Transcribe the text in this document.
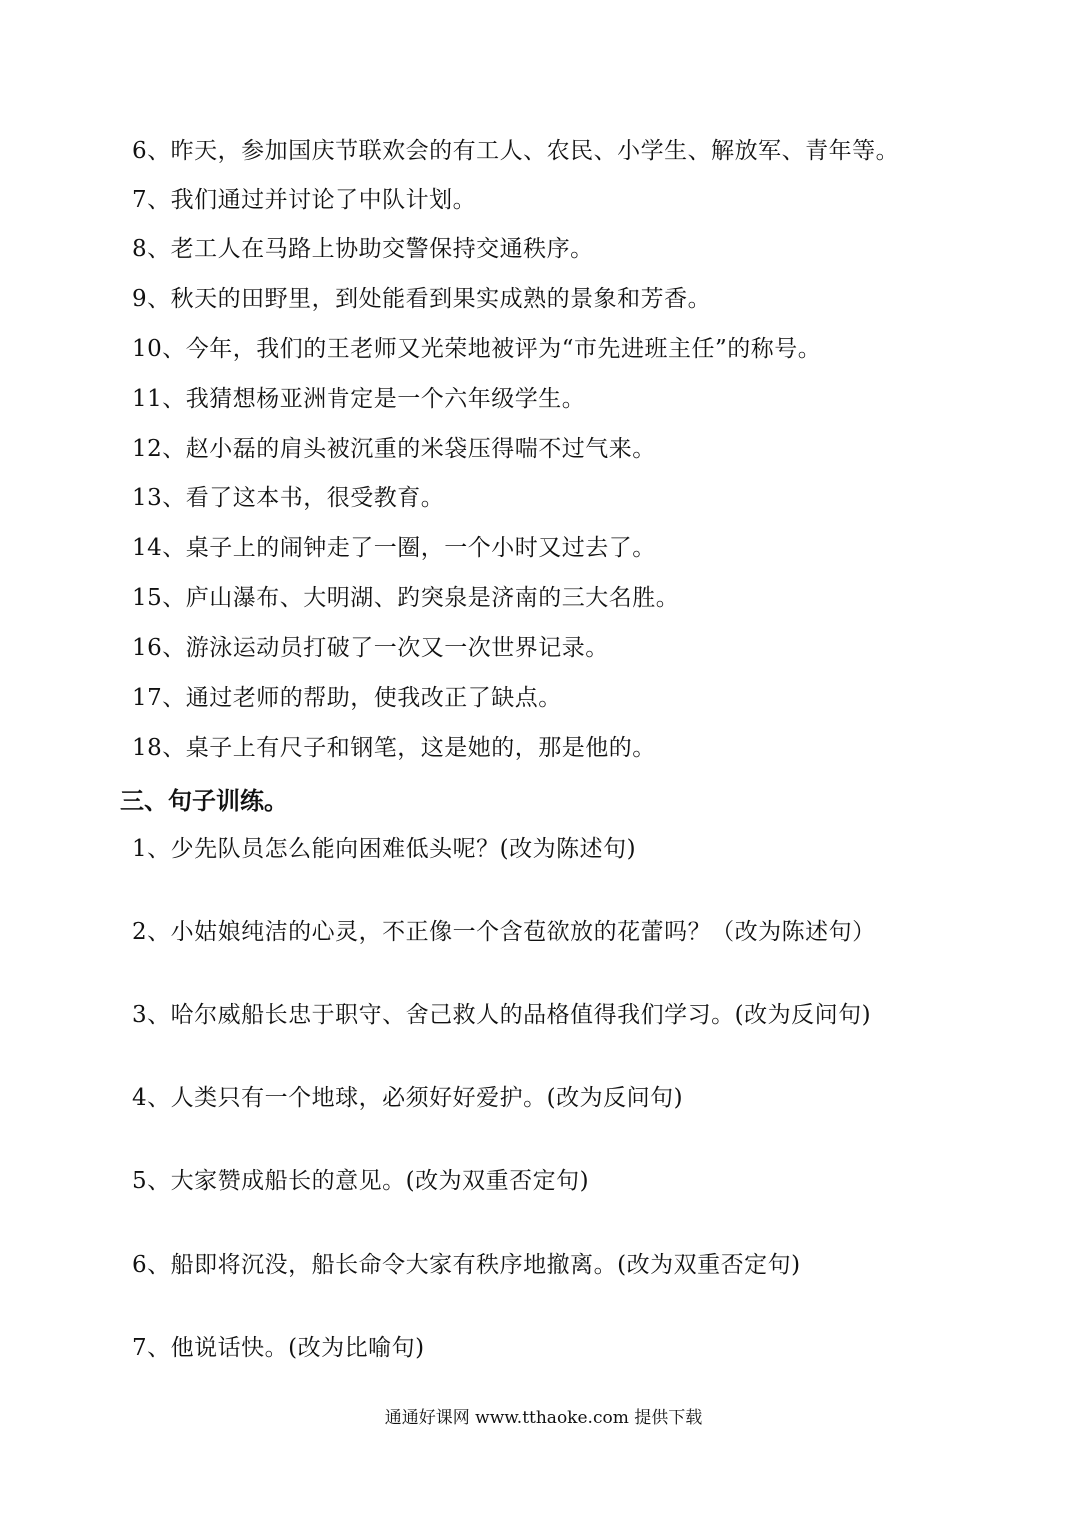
6、昨天，参加国庆节联欢会的有工人、农民、小学生、解放军、青年等。
7、我们通过并讨论了中队计划。
8、老工人在马路上协助交警保持交通秩序。
9、秋天的田野里，到处能看到果实成熟的景象和芳香。
10、今年，我们的王老师又光荣地被评为“市先进班主任”的称号。
11、我猜想杨亚洲肯定是一个六年级学生。
12、赵小磊的肩头被沉重的米袋压得喘不过气来。
13、看了这本书，很受教育。
14、桌子上的闹钟走了一圈，一个小时又过去了。
15、庐山瀑布、大明湖、趵突泉是济南的三大名胜。
16、游泳运动员打破了一次又一次世界记录。
17、通过老师的帮助，使我改正了缺点。
18、桌子上有尺子和钢笔，这是她的，那是他的。
三、句子训练。
1、少先队员怎么能向困难低头呢？(改为陈述句)
2、小姑娘纯洁的心灵，不正像一个含苞欲放的花蕾吗？（改为陈述句）
3、哈尔威船长忠于职守、舍己救人的品格值得我们学习。(改为反问句)
4、人类只有一个地球，必须好好爱护。(改为反问句)
5、大家赞成船长的意见。(改为双重否定句)
6、船即将沉没，船长命令大家有秩序地撤离。(改为双重否定句)
7、他说话快。(改为比喻句)
通通好课网 www.tthaoke.com 提供下载
